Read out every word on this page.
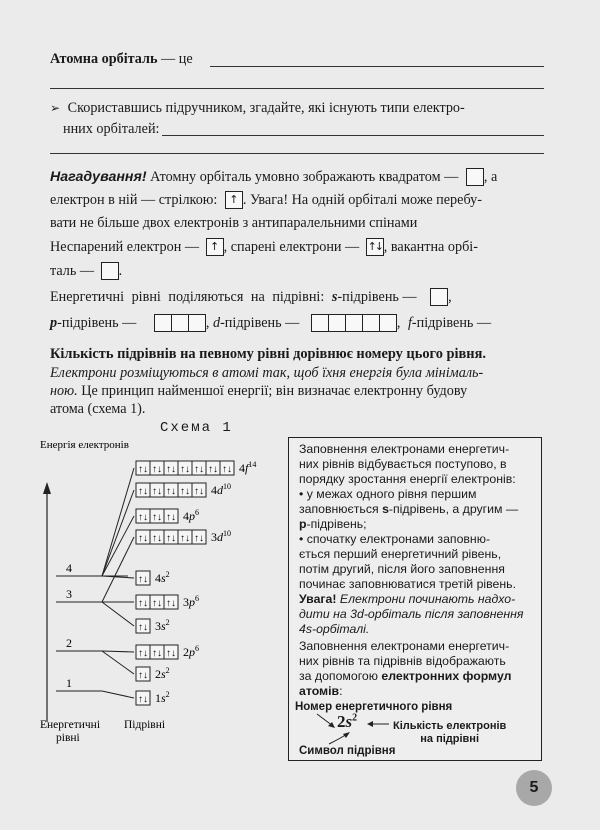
Атомна орбіталь — це
➢ Скориставшись підручником, згадайте, які існують типи електро-
нних орбіталей:
Нагадування! Атомну орбіталь умовно зображають квадратом — , а
електрон в ній — стрілкою: ↑ . Увага! На одній орбіталі може перебу-
вати не більше двох електронів з антипаралельними спінами
Неспарений електрон — ↑ , спарені електрони — ↑↓ , вакантна орбі-
таль — .
Енергетичні рівні поділяються на підрівні: s-підрівень — ,
p-підрівень —	, d-підрівень —	, f-підрівень —
Кількість підрівнів на певному рівні дорівнює номеру цього рівня.
Електрони розміщуються в атомі так, щоб їхня енергія була мінімаль-
ною. Це принцип найменшої енергії; він визначає електронну будову
атома (схема 1).
Схема 1
Енергія електронів
1
2
3
4
↑↓ $1s^2$
↑↓ $2s^2$
↑↓ ↑↓ ↑↓ $2p^6$
↑↓ $3s^2$
↑↓ ↑↓ ↑↓ $3p^6$
↑↓ $4s^2$
↑↓ ↑↓ ↑↓ ↑↓ ↑↓ $3d^{10}$
↑↓ ↑↓ ↑↓ $4p^6$
↑↓ ↑↓ ↑↓ ↑↓ ↑↓ $4d^{10}$
↑↓ ↑↓ ↑↓ ↑↓ ↑↓ ↑↓ ↑↓ $4f^{14}$
Енергетичні
рівні
Підрівні
Заповнення електронами енергетич-
них рівнів відбувається поступово, в
порядку зростання енергії електронів:
• у межах одного рівня першим
заповнюється s-підрівень, а другим —
p-підрівень;
• спочатку електронами заповню-
ється перший енергетичний рівень,
потім другий, після його заповнення
починає заповнюватися третій рівень.
Увага! Електрони починають надхо-
дити на 3d-орбіталь після заповнення
4s-орбіталі.
Заповнення електронами енергетич-
них рівнів та підрівнів відображають
за допомогою електронних формул
атомів:
Номер енергетичного рівня
Кількість електронів
на підрівні
Символ підрівня
$2s^2$
5
